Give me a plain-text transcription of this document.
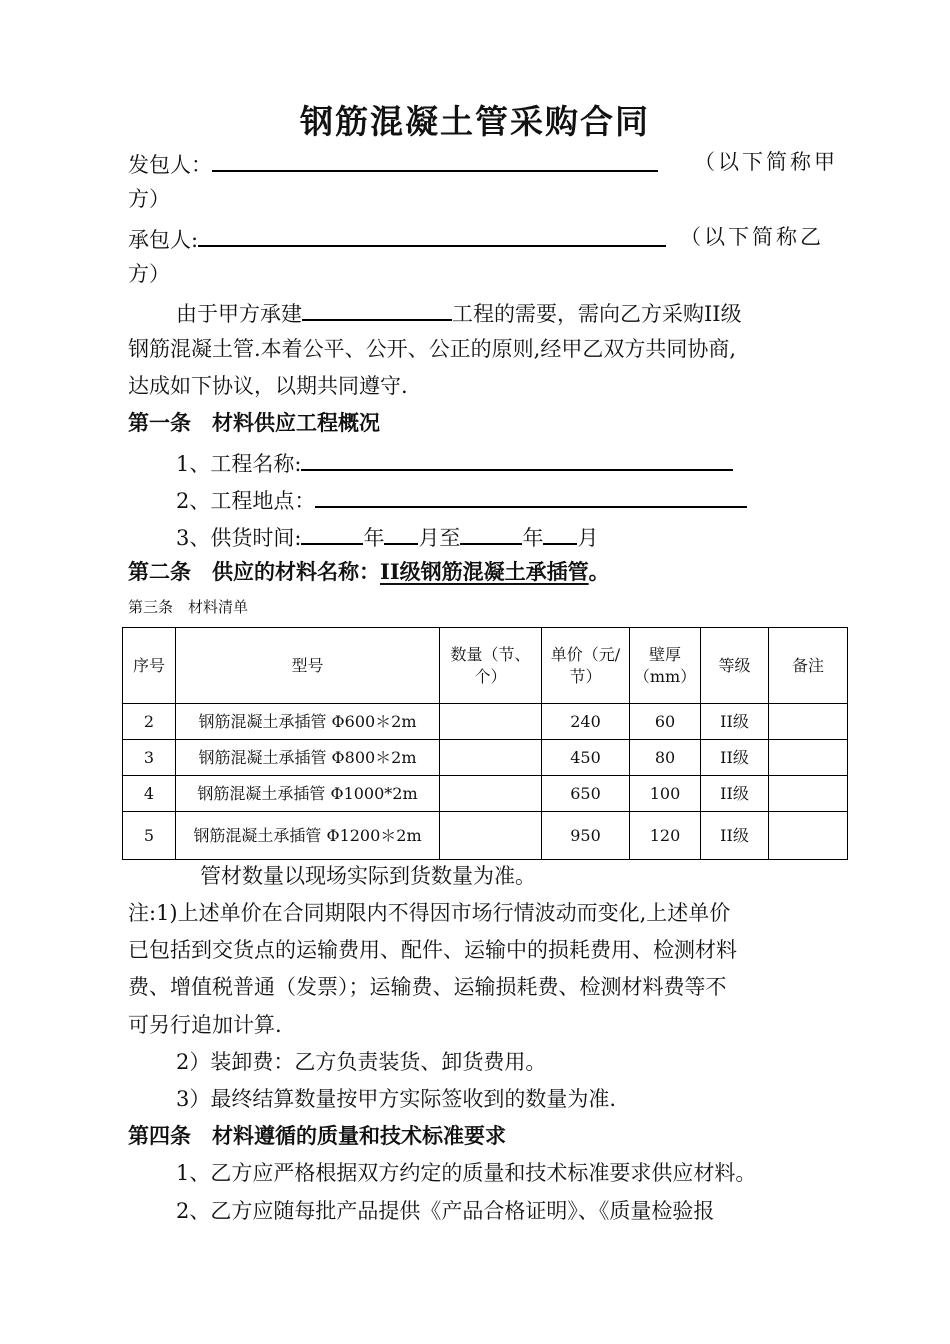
钢筋混凝土管采购合同
发包人：	（以下简称甲
方）
承包人:	（以下简称乙
方）
由于甲方承建	工程的需要，需向乙方采购II级
钢筋混凝土管.本着公平、公开、公正的原则,经甲乙双方共同协商,
达成如下协议，以期共同遵守.
第一条　材料供应工程概况
1、工程名称:
2、工程地点：
3、供货时间:	年 月至	年 月
第二条　供应的材料名称：II级钢筋混凝土承插管。
第三条　材料清单
序号	型号	数量（节、个）	单价（元/节）	壁厚（mm）	等级	备注
2	钢筋混凝土承插管 Φ600＊2m		240	60	II级	
3	钢筋混凝土承插管 Φ800＊2m		450	80	II级	
4	钢筋混凝土承插管 Φ1000*2m		650	100	II级	
5	钢筋混凝土承插管 Φ1200＊2m		950	120	II级	
管材数量以现场实际到货数量为准。
注:1)上述单价在合同期限内不得因市场行情波动而变化,上述单价
已包括到交货点的运输费用、配件、运输中的损耗费用、检测材料
费、增值税普通（发票）；运输费、运输损耗费、检测材料费等不
可另行追加计算.
2）装卸费：乙方负责装货、卸货费用。
3）最终结算数量按甲方实际签收到的数量为准.
第四条　材料遵循的质量和技术标准要求
1、乙方应严格根据双方约定的质量和技术标准要求供应材料。
2、乙方应随每批产品提供《产品合格证明》、《质量检验报
